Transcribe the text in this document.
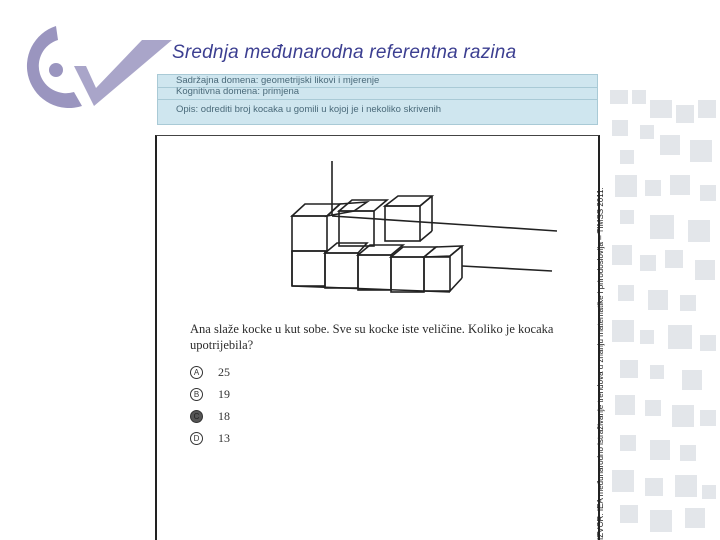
Srednja međunarodna referentna razina
Sadržajna domena: geometrijski likovi i mjerenje
Kognitivna domena: primjena
Opis: odrediti broj kocaka u gomili u kojoj je i nekoliko skrivenih
Ana slaže kocke u kut sobe. Sve su kocke iste veličine. Koliko je kocaka upotrijebila?
A	25
B	19
C	18
D	13	IZVOR: IEA međunarodno istraživanje trendova u znanju matematike i prirodoslovlja – TIMSS 2011.
